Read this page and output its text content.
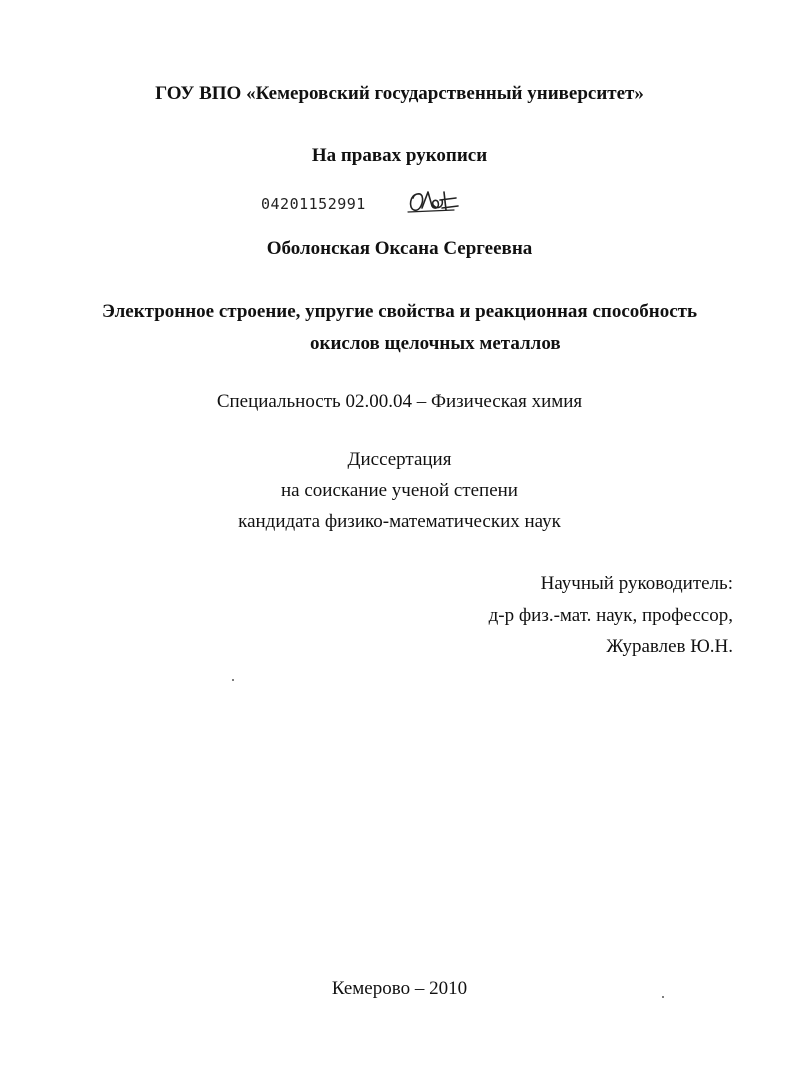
ГОУ ВПО «Кемеровский государственный университет»
На правах рукописи
04201152991
Оболонская Оксана Сергеевна
Электронное строение, упругие свойства и реакционная способность
окислов щелочных металлов
Специальность 02.00.04 – Физическая химия
Диссертация
на соискание ученой степени
кандидата физико-математических наук
Научный руководитель:
д-р физ.-мат. наук, профессор,
Журавлев Ю.Н.
Кемерово – 2010
